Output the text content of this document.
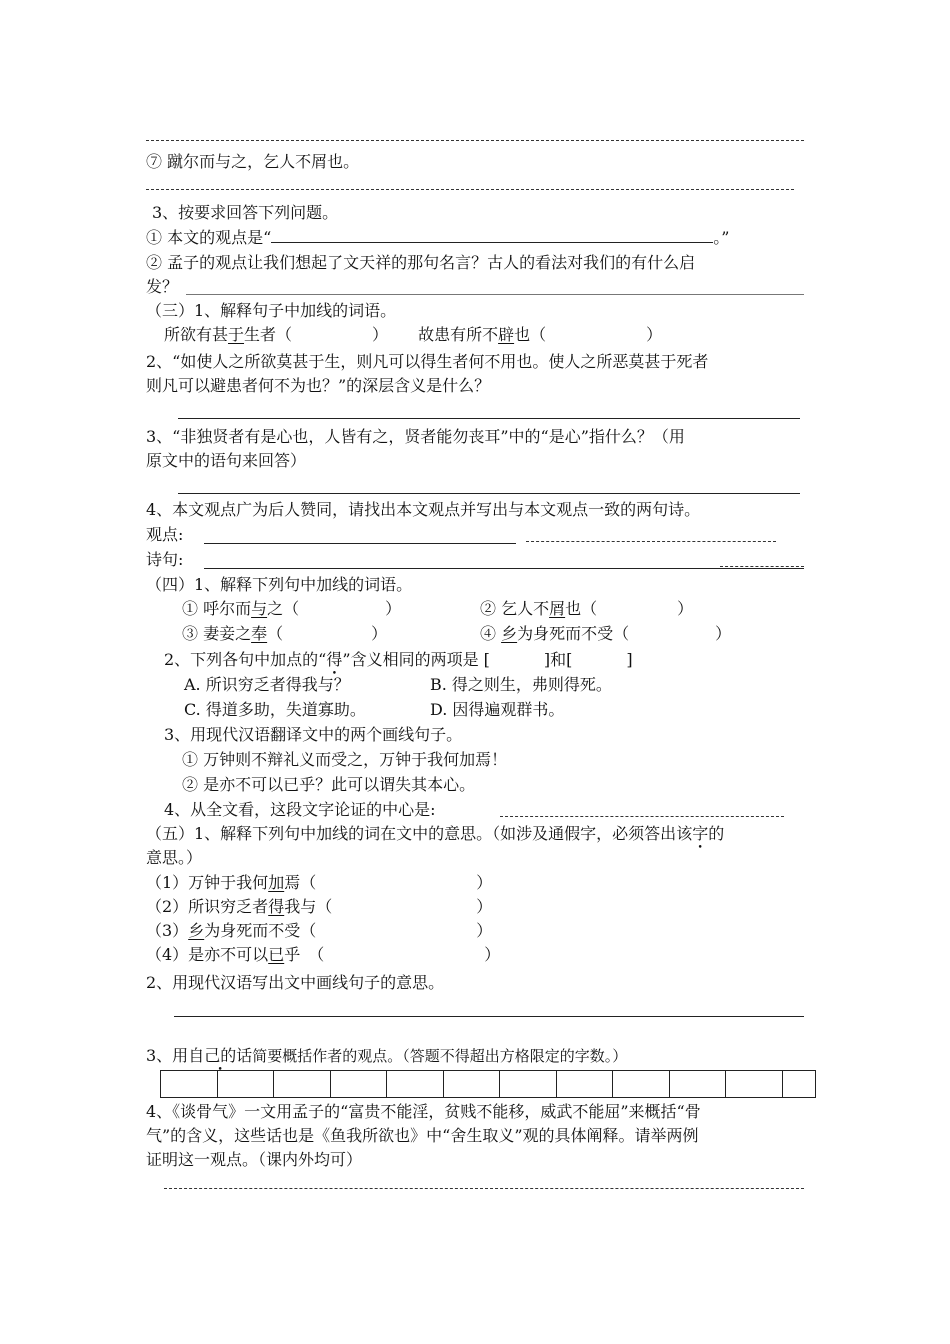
⑦ 蹴尔而与之，乞人不屑也。
3、按要求回答下列问题。
① 本文的观点是“	。”
② 孟子的观点让我们想起了文天祥的那句名言？古人的看法对我们的有什么启
发？
（三）1、解释句子中加线的词语。
所欲有甚于生者（	） 故患有所不辟也（	）
2、“如使人之所欲莫甚于生，则凡可以得生者何不用也。使人之所恶莫甚于死者
则凡可以避患者何不为也？”的深层含义是什么？
3、“非独贤者有是心也，人皆有之，贤者能勿丧耳”中的“是心”指什么？（用
原文中的语句来回答）
4、本文观点广为后人赞同，请找出本文观点并写出与本文观点一致的两句诗。
观点:
诗句:
（四）1、解释下列句中加线的词语。
① 呼尔而与之（	）	② 乞人不屑也（	）
③ 妻妾之奉（	）	④ 乡为身死而不受（	）
2、下列各句中加点的“得”含义相同的两项是 [	]和[	]
A. 所识穷乏者得我与？	B. 得之则生，弗则得死。
C. 得道多助，失道寡助。	D. 因得遍观群书。
3、用现代汉语翻译文中的两个画线句子。
① 万钟则不辩礼义而受之，万钟于我何加焉！
② 是亦不可以已乎？此可以谓失其本心。
4、从全文看，这段文字论证的中心是:
（五）1、解释下列句中加线的词在文中的意思。（如涉及通假字，必须答出该字的
意思。）
（1）万钟于我何加焉（	）
（2）所识穷乏者得我与（	）
（3）乡为身死而不受（	）
（4）是亦不可以已乎　（	）
2、用现代汉语写出文中画线句子的意思。
3、用自己的话简要概括作者的观点。（答题不得超出方格限定的字数。）
4、《谈骨气》一文用孟子的“富贵不能淫，贫贱不能移，威武不能屈”来概括“骨
气”的含义，这些话也是《鱼我所欲也》中“舍生取义”观的具体阐释。请举两例
证明这一观点。（课内外均可）
